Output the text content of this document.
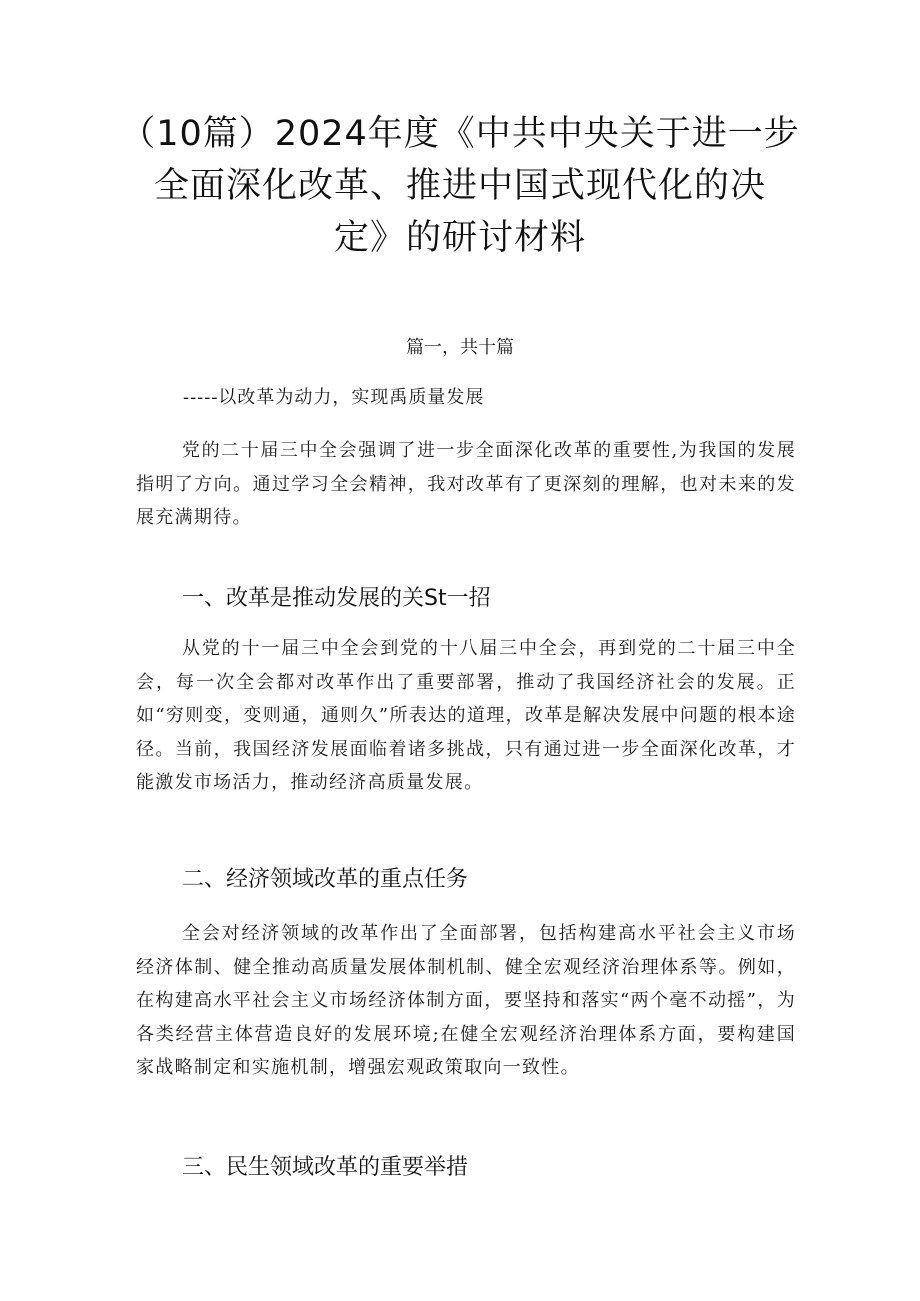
（10篇）2024年度《中共中央关于进一步
全面深化改革、推进中国式现代化的决
定》的研讨材料
篇一，共十篇
-----以改革为动力，实现禹质量发展
党的二十届三中全会强调了进一步全面深化改革的重要性,为我国的发展指明了方向。通过学习全会精神，我对改革有了更深刻的理解，也对未来的发展充满期待。
一、改革是推动发展的关St一招
从党的十一届三中全会到党的十八届三中全会，再到党的二十届三中全会，每一次全会都对改革作出了重要部署，推动了我国经济社会的发展。正如“穷则变，变则通，通则久”所表达的道理，改革是解决发展中问题的根本途径。当前，我国经济发展面临着诸多挑战，只有通过进一步全面深化改革，才能激发市场活力，推动经济高质量发展。
二、经济领域改革的重点任务
全会对经济领域的改革作出了全面部署，包括构建高水平社会主义市场经济体制、健全推动高质量发展体制机制、健全宏观经济治理体系等。例如，在构建高水平社会主义市场经济体制方面，要坚持和落实“两个毫不动摇”，为各类经营主体营造良好的发展环境;在健全宏观经济治理体系方面，要构建国家战略制定和实施机制，增强宏观政策取向一致性。
三、民生领域改革的重要举措
